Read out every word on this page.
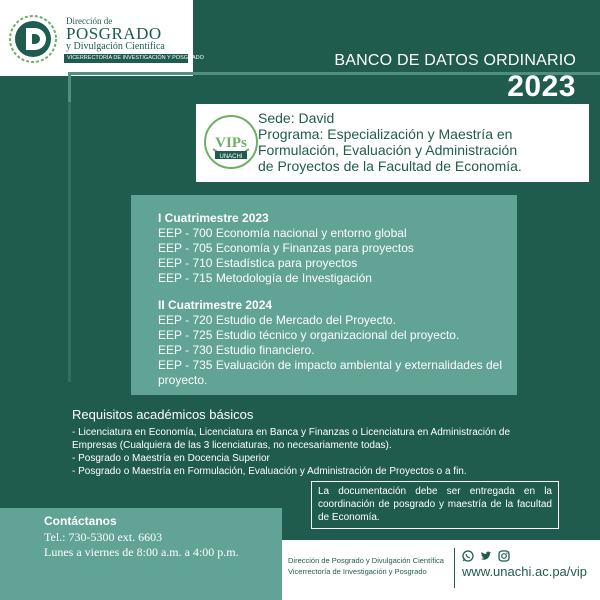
Dirección de
POSGRADO
y Divulgación Científica
VICERRECTORÍA DE INVESTIGACIÓN Y POSGRADO	BANCO DE DATOS ORDINARIO
2023
VIPs
UNACHI
Sede: David
Programa: Especialización y Maestría en
Formulación, Evaluación y Administración
de Proyectos de la Facultad de Economía.
I Cuatrimestre 2023
EEP - 700 Economía nacional y entorno global
EEP - 705 Economía y Finanzas para proyectos
EEP - 710 Estadística para proyectos
EEP - 715 Metodología de Investigación
II Cuatrimestre 2024
EEP - 720 Estudio de Mercado del Proyecto.
EEP - 725 Estudio técnico y organizacional del proyecto.
EEP - 730 Estudio financiero.
EEP - 735 Evaluación de impacto ambiental y externalidades del
proyecto.
Requisitos académicos básicos
- Licenciatura en Economía, Licenciatura en Banca y Finanzas o Licenciatura en Administración de
Empresas (Cualquiera de las 3 licenciaturas, no necesariamente todas).
- Posgrado o Maestría en Docencia Superior
- Posgrado o Maestría en Formulación, Evaluación y Administración de Proyectos o a fin.
La documentación debe ser entregada en la coordinación de posgrado y maestría de la facultad de Economía.
Contáctanos
Tel.: 730-5300 ext. 6603
Lunes a viernes de 8:00 a.m. a 4:00 p.m.
Dirección de Posgrado y Divulgación Científica
Vicerrectoría de Investigación y Posgrado	www.unachi.ac.pa/vip
